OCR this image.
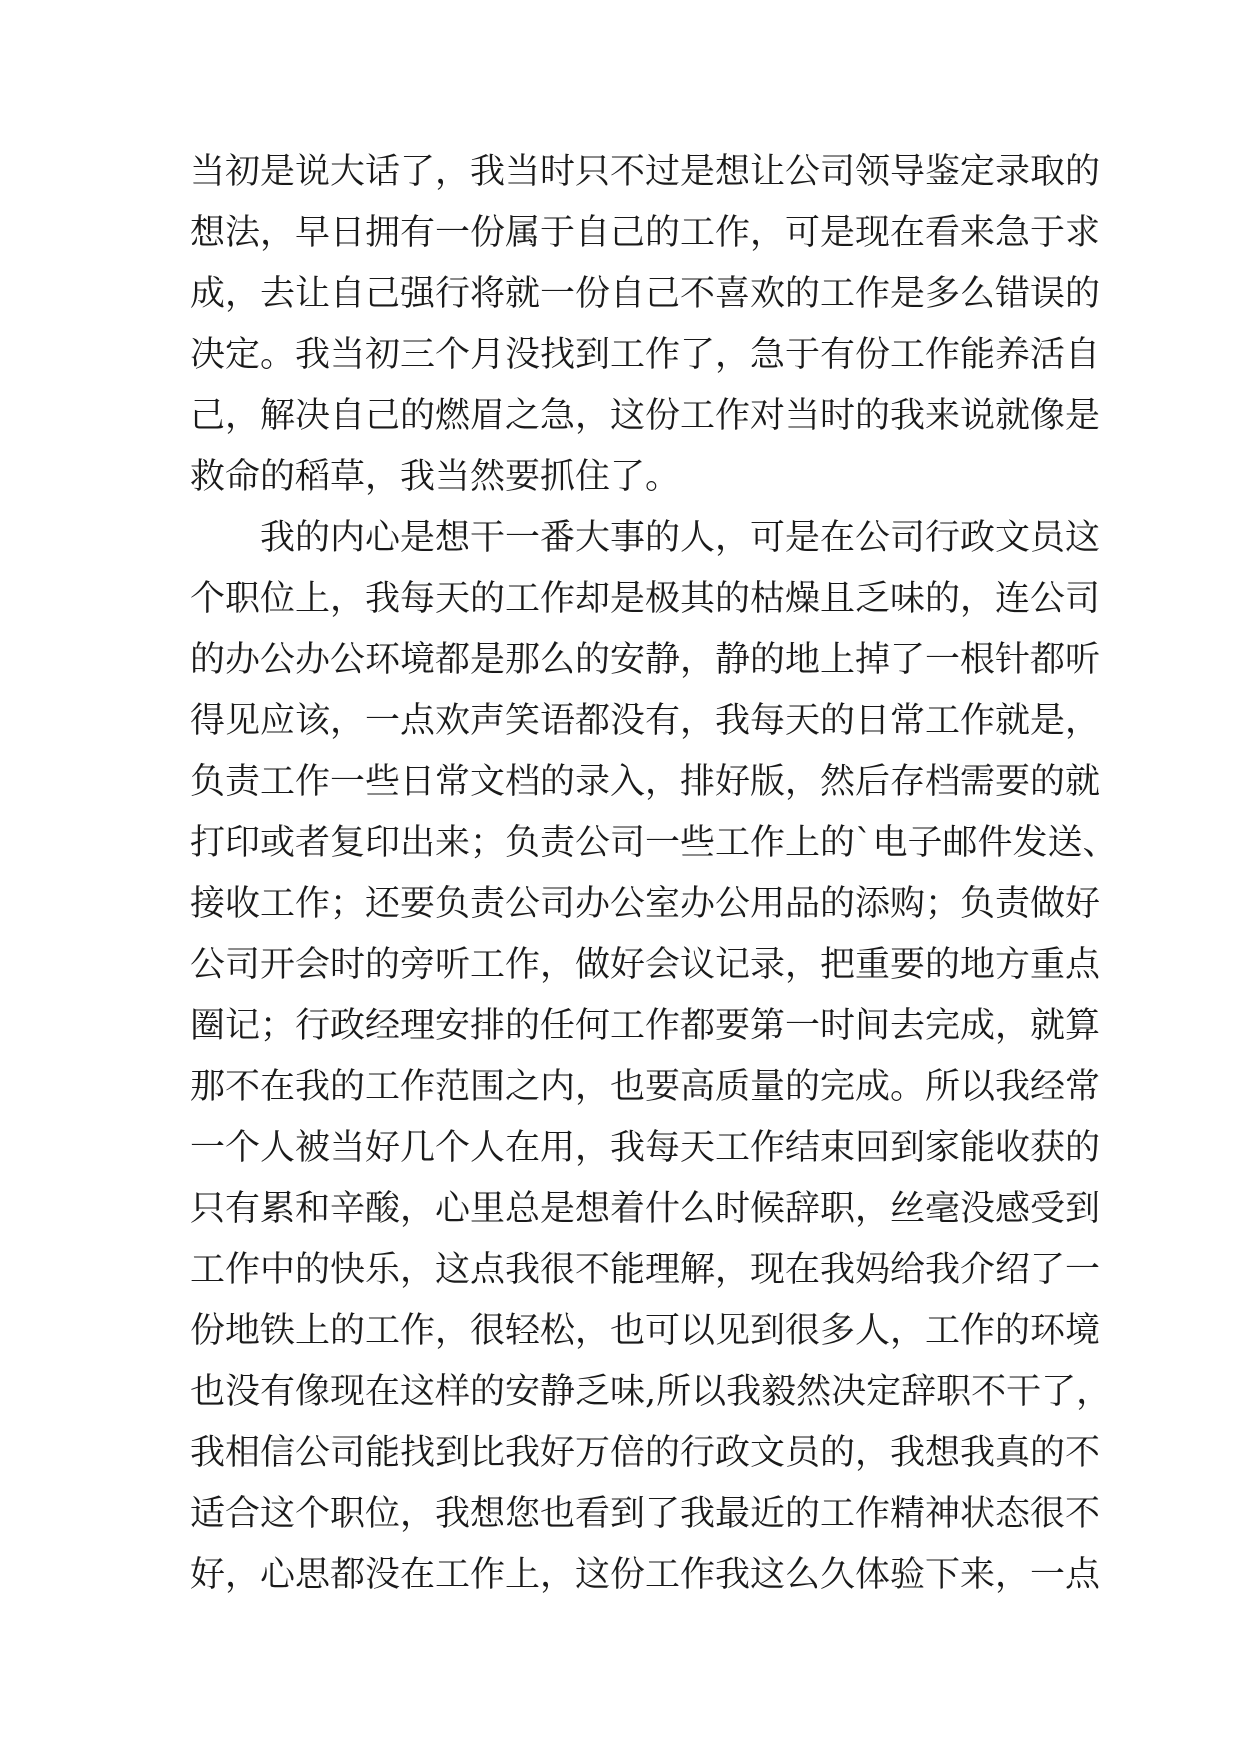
当初是说大话了，我当时只不过是想让公司领导鉴定录取的
想法，早日拥有一份属于自己的工作，可是现在看来急于求
成，去让自己强行将就一份自己不喜欢的工作是多么错误的
决定。我当初三个月没找到工作了，急于有份工作能养活自
己，解决自己的燃眉之急，这份工作对当时的我来说就像是
救命的稻草，我当然要抓住了。
我的内心是想干一番大事的人，可是在公司行政文员这
个职位上，我每天的工作却是极其的枯燥且乏味的，连公司
的办公办公环境都是那么的安静，静的地上掉了一根针都听
得见应该，一点欢声笑语都没有，我每天的日常工作就是，
负责工作一些日常文档的录入，排好版，然后存档需要的就
打印或者复印出来；负责公司一些工作上的`电子邮件发送、
接收工作；还要负责公司办公室办公用品的添购；负责做好
公司开会时的旁听工作，做好会议记录，把重要的地方重点
圈记；行政经理安排的任何工作都要第一时间去完成，就算
那不在我的工作范围之内，也要高质量的完成。所以我经常
一个人被当好几个人在用，我每天工作结束回到家能收获的
只有累和辛酸，心里总是想着什么时候辞职，丝毫没感受到
工作中的快乐，这点我很不能理解，现在我妈给我介绍了一
份地铁上的工作，很轻松，也可以见到很多人，工作的环境
也没有像现在这样的安静乏味,所以我毅然决定辞职不干了，
我相信公司能找到比我好万倍的行政文员的，我想我真的不
适合这个职位，我想您也看到了我最近的工作精神状态很不
好，心思都没在工作上，这份工作我这么久体验下来，一点
